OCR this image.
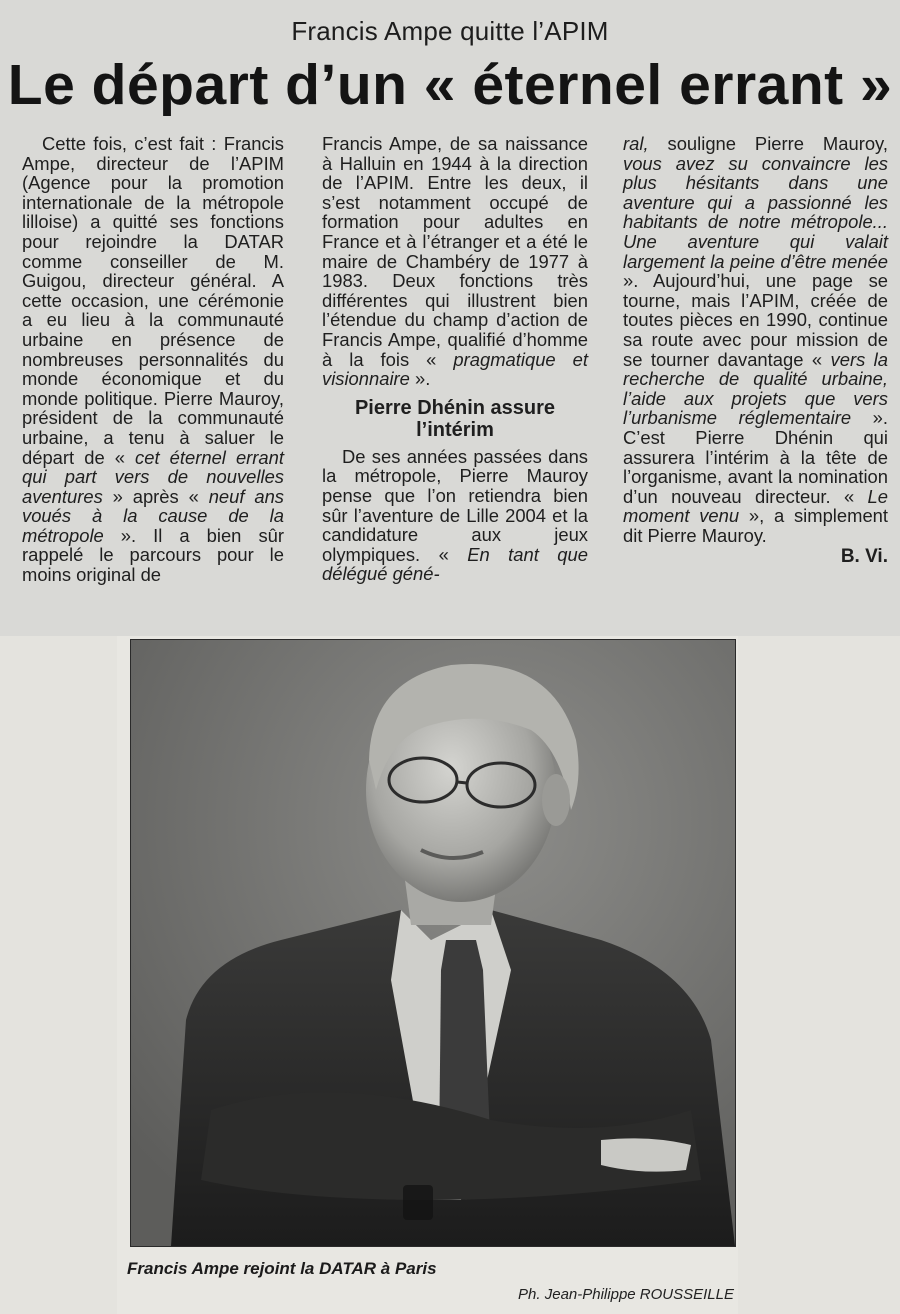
Francis Ampe quitte l’APIM
Le départ d’un « éternel errant »

Cette fois, c’est fait : Francis Ampe, directeur de l’APIM (Agence pour la promotion internationale de la métropole lilloise) a quitté ses fonctions pour rejoindre la DATAR comme conseiller de M. Guigou, directeur général. A cette occasion, une cérémonie a eu lieu à la communauté urbaine en présence de nombreuses personnalités du monde économique et du monde politique. Pierre Mauroy, président de la communauté urbaine, a tenu à saluer le départ de « cet éternel errant qui part vers de nouvelles aventures » après « neuf ans voués à la cause de la métropole ». Il a bien sûr rappelé le parcours pour le moins original de

Francis Ampe, de sa naissance à Halluin en 1944 à la direction de l’APIM. Entre les deux, il s’est notamment occupé de formation pour adultes en France et à l’étranger et a été le maire de Chambéry de 1977 à 1983. Deux fonctions très différentes qui illustrent bien l’étendue du champ d’action de Francis Ampe, qualifié d’homme à la fois « pragmatique et visionnaire ».

Pierre Dhénin assure l’intérim

De ses années passées dans la métropole, Pierre Mauroy pense que l’on retiendra bien sûr l’aventure de Lille 2004 et la candidature aux jeux olympiques. « En tant que délégué géné-

ral, souligne Pierre Mauroy, vous avez su convaincre les plus hésitants dans une aventure qui a passionné les habitants de notre métropole... Une aventure qui valait largement la peine d’être menée ». Aujourd’hui, une page se tourne, mais l’APIM, créée de toutes pièces en 1990, continue sa route avec pour mission de se tourner davantage « vers la recherche de qualité urbaine, l’aide aux projets que vers l’urbanisme réglementaire ». C’est Pierre Dhénin qui assurera l’intérim à la tête de l’organisme, avant la nomination d’un nouveau directeur. « Le moment venu », a simplement dit Pierre Mauroy.

B. Vi.
Francis Ampe rejoint la DATAR à Paris
Ph. Jean-Philippe ROUSSEILLE
